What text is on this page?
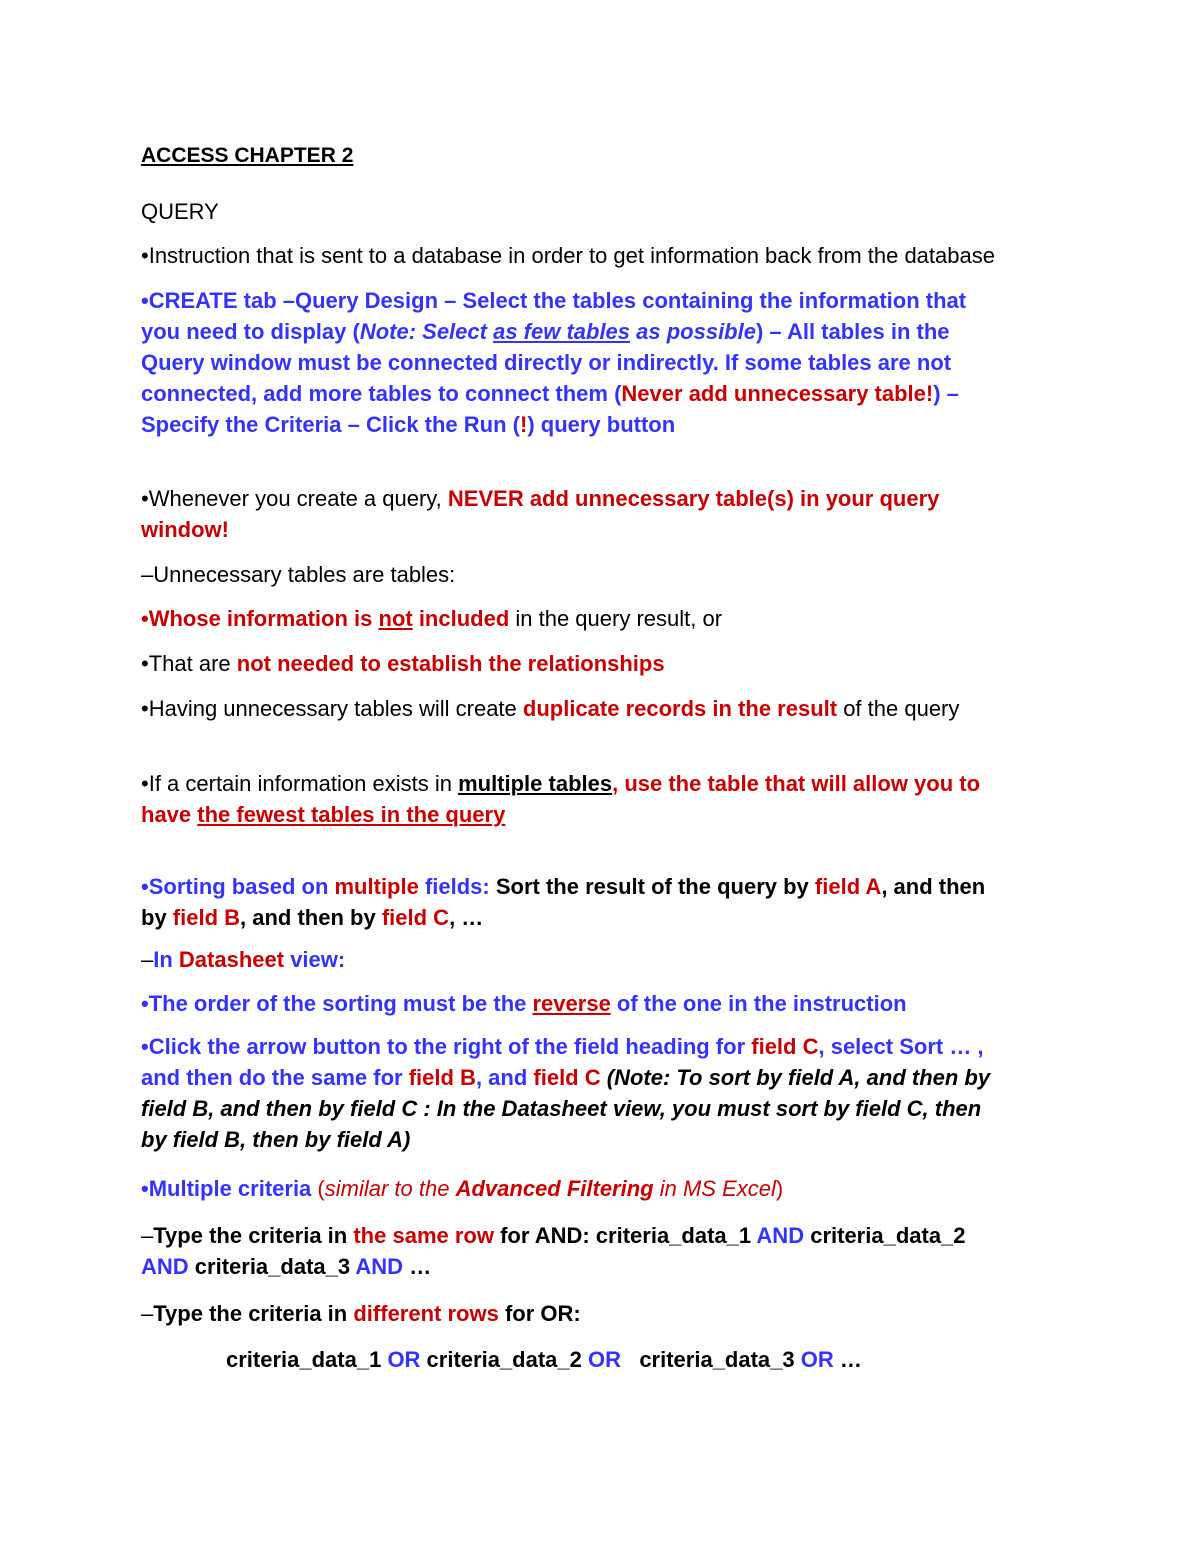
ACCESS CHAPTER 2
QUERY
•Instruction that is sent to a database in order to get information back from the database
•CREATE tab –Query Design – Select the tables containing the information that
you need to display (Note: Select as few tables as possible) – All tables in the
Query window must be connected directly or indirectly. If some tables are not
connected, add more tables to connect them (Never add unnecessary table!) –
Specify the Criteria – Click the Run (!) query button
•Whenever you create a query, NEVER add unnecessary table(s) in your query
window!
–Unnecessary tables are tables:
•Whose information is not included in the query result, or
•That are not needed to establish the relationships
•Having unnecessary tables will create duplicate records in the result of the query
•If a certain information exists in multiple tables, use the table that will allow you to
have the fewest tables in the query
•Sorting based on multiple fields: Sort the result of the query by field A, and then
by field B, and then by field C, …
–In Datasheet view:
•The order of the sorting must be the reverse of the one in the instruction
•Click the arrow button to the right of the field heading for field C, select Sort … ,
and then do the same for field B, and field C (Note: To sort by field A, and then by
field B, and then by field C : In the Datasheet view, you must sort by field C, then
by field B, then by field A)
•Multiple criteria (similar to the Advanced Filtering in MS Excel)
–Type the criteria in the same row for AND: criteria_data_1 AND criteria_data_2
AND criteria_data_3 AND …
–Type the criteria in different rows for OR:
criteria_data_1 OR criteria_data_2 OR   criteria_data_3 OR …
